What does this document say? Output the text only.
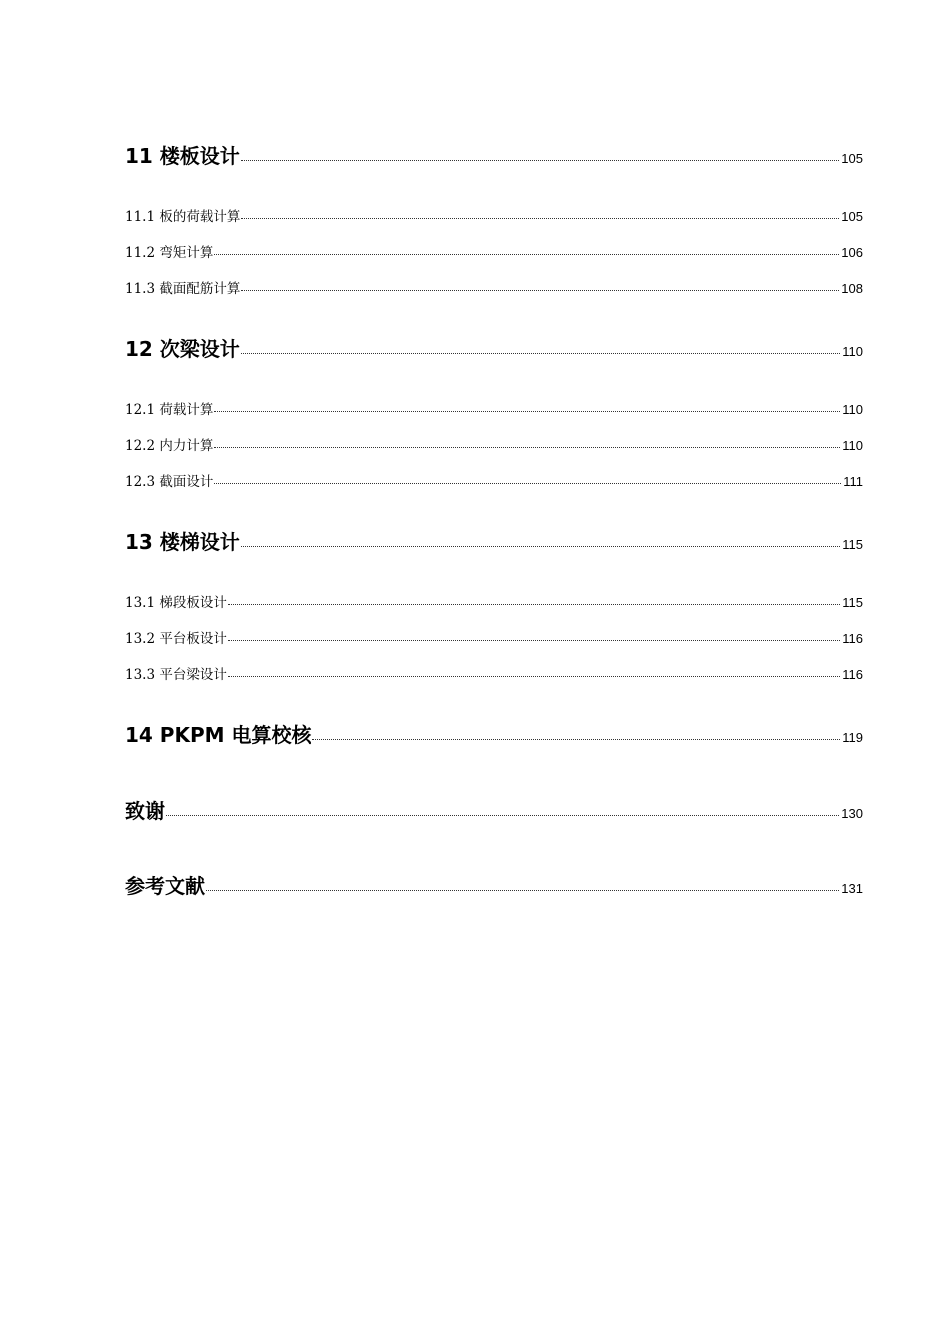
11 楼板设计	105
11.1 板的荷载计算	105
11.2 弯矩计算	106
11.3 截面配筋计算	108
12 次梁设计	110
12.1 荷载计算	110
12.2 内力计算	110
12.3 截面设计	111
13 楼梯设计	115
13.1 梯段板设计	115
13.2 平台板设计	116
13.3 平台梁设计	116
14 PKPM 电算校核	119
致谢	130
参考文献	131
